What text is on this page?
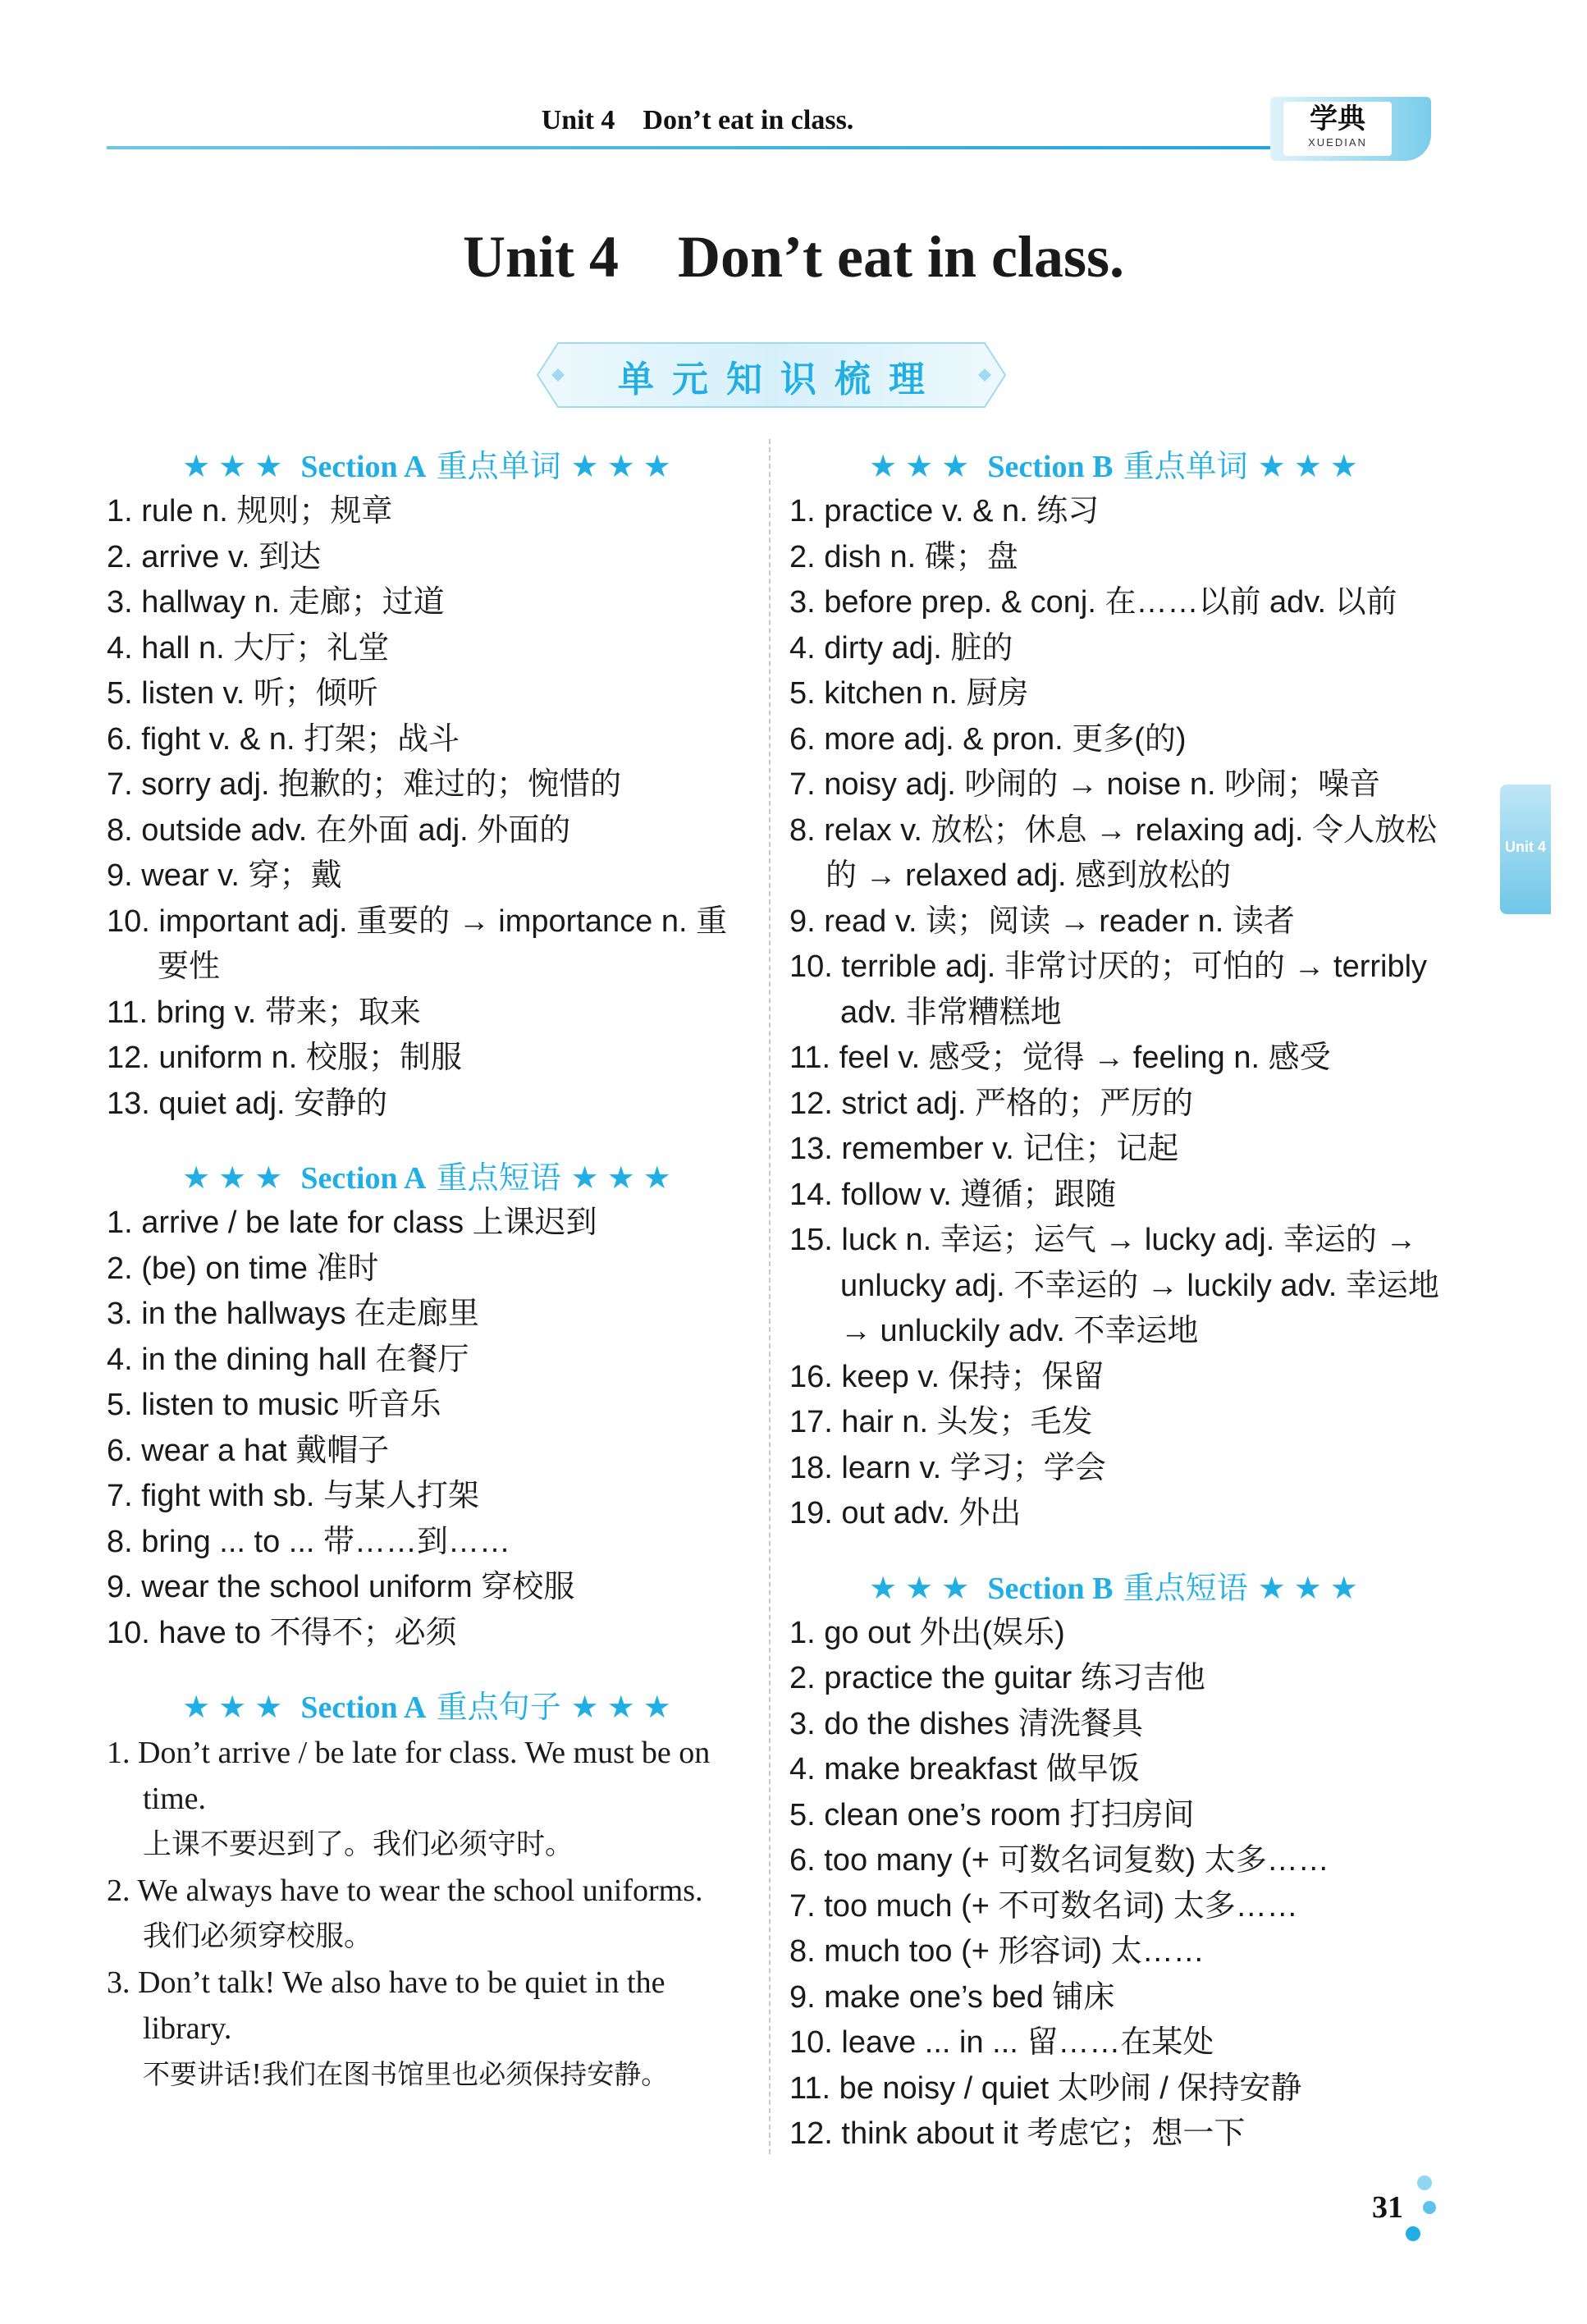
Unit 4    Don’t eat in class.	学典
XUEDIAN
Unit 4    Don’t eat in class.
单元知识梳理
★★★ Section A 重点单词 ★★★
1. rule n. 规则；规章
2. arrive v. 到达
3. hallway n. 走廊；过道
4. hall n. 大厅；礼堂
5. listen v. 听；倾听
6. fight v. & n. 打架；战斗
7. sorry adj. 抱歉的；难过的；惋惜的
8. outside adv. 在外面 adj. 外面的
9. wear v. 穿；戴
10. important adj. 重要的 → importance n. 重要性
11. bring v. 带来；取来
12. uniform n. 校服；制服
13. quiet adj. 安静的
★★★ Section A 重点短语 ★★★
1. arrive / be late for class 上课迟到
2. (be) on time 准时
3. in the hallways 在走廊里
4. in the dining hall 在餐厅
5. listen to music 听音乐
6. wear a hat 戴帽子
7. fight with sb. 与某人打架
8. bring ... to ... 带……到……
9. wear the school uniform 穿校服
10. have to 不得不；必须
★★★ Section A 重点句子 ★★★
1. Don’t arrive / be late for class. We must be on time.
上课不要迟到了。我们必须守时。
2. We always have to wear the school uniforms.
我们必须穿校服。
3. Don’t talk! We also have to be quiet in the library.
不要讲话!我们在图书馆里也必须保持安静。
★★★ Section B 重点单词 ★★★
1. practice v. & n. 练习
2. dish n. 碟；盘
3. before prep. & conj. 在……以前 adv. 以前
4. dirty adj. 脏的
5. kitchen n. 厨房
6. more adj. & pron. 更多(的)
7. noisy adj. 吵闹的 → noise n. 吵闹；噪音
8. relax v. 放松；休息 → relaxing adj. 令人放松的 → relaxed adj. 感到放松的
9. read v. 读；阅读 → reader n. 读者
10. terrible adj. 非常讨厌的；可怕的 → terribly adv. 非常糟糕地
11. feel v. 感受；觉得 → feeling n. 感受
12. strict adj. 严格的；严厉的
13. remember v. 记住；记起
14. follow v. 遵循；跟随
15. luck n. 幸运；运气 → lucky adj. 幸运的 → unlucky adj. 不幸运的 → luckily adv. 幸运地 → unluckily adv. 不幸运地
16. keep v. 保持；保留
17. hair n. 头发；毛发
18. learn v. 学习；学会
19. out adv. 外出
★★★ Section B 重点短语 ★★★
1. go out 外出(娱乐)
2. practice the guitar 练习吉他
3. do the dishes 清洗餐具
4. make breakfast 做早饭
5. clean one’s room 打扫房间
6. too many (+ 可数名词复数) 太多……
7. too much (+ 不可数名词) 太多……
8. much too (+ 形容词) 太……
9. make one’s bed 铺床
10. leave ... in ... 留……在某处
11. be noisy / quiet 太吵闹 / 保持安静
12. think about it 考虑它；想一下
Unit 4
31
